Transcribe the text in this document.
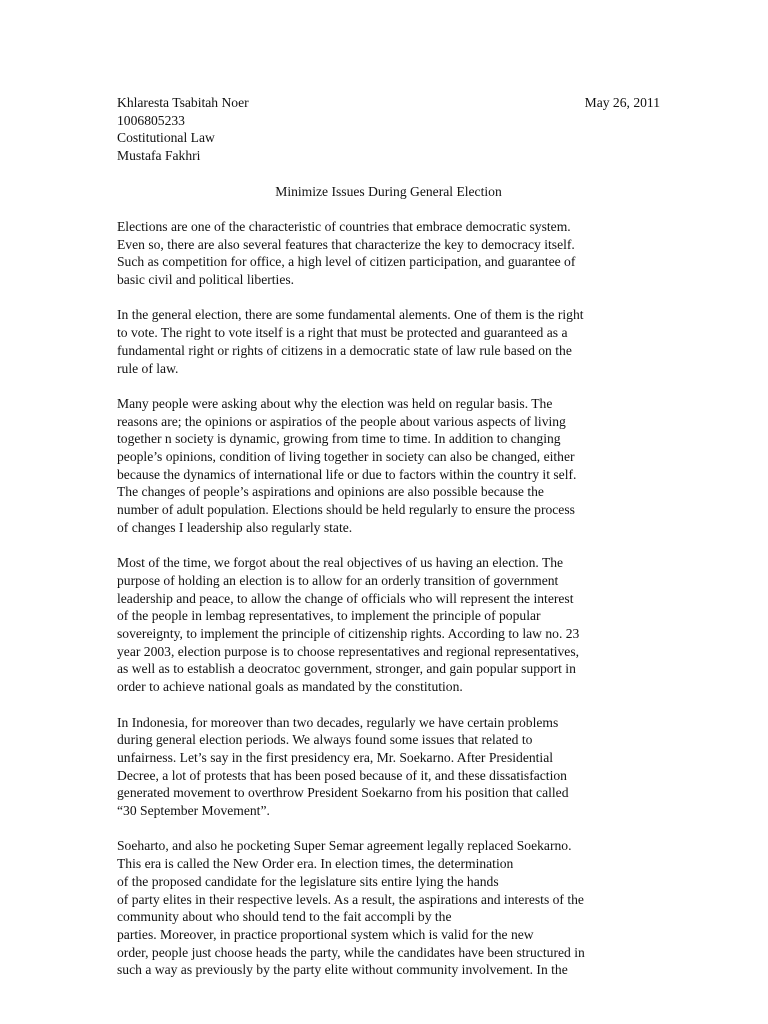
Khlaresta Tsabitah Noer
1006805233
Costitutional Law
Mustafa Fakhri
May 26, 2011
Minimize Issues During General Election
Elections are one of the characteristic of countries that embrace democratic system.
Even so, there are also several features that characterize the key to democracy itself.
Such as competition for office, a high level of citizen participation, and guarantee of
basic civil and political liberties.
In the general election, there are some fundamental alements. One of them is the right
to vote. The right to vote itself is a right that must be protected and guaranteed as a
fundamental right or rights of citizens in a democratic state of law rule based on the
rule of law.
Many people were asking about why the election was held on regular basis. The
reasons are; the opinions or aspiratios of the people about various aspects of living
together n society is dynamic, growing from time to time. In addition to changing
people’s opinions, condition of living together in society can also be changed, either
because the dynamics of international life or due to factors within the country it self.
The changes of people’s aspirations and opinions are also possible because the
number of adult population. Elections should be held regularly to ensure the process
of changes I leadership also regularly state.
Most of the time, we forgot about the real objectives of us having an election. The
purpose of holding an election is to allow for an orderly transition of government
leadership and peace, to allow the change of officials who will represent the interest
of the people in lembag representatives, to implement the principle of popular
sovereignty, to implement the principle of citizenship rights. According to law no. 23
year 2003, election purpose is to choose representatives and regional representatives,
as well as to establish a deocratoc government, stronger, and gain popular support in
order to achieve national goals as mandated by the constitution.
In Indonesia, for moreover than two decades, regularly we have certain problems
during general election periods. We always found some issues that related to
unfairness. Let’s say in the first presidency era, Mr. Soekarno. After Presidential
Decree, a lot of protests that has been posed because of it, and these dissatisfaction
generated movement to overthrow President Soekarno from his position that called
“30 September Movement”.
Soeharto, and also he pocketing Super Semar agreement legally replaced Soekarno.
This era is called the New Order era. In election times, the determination
of the proposed candidate for the legislature sits entire lying the hands
of party elites in their respective levels. As a result, the aspirations and interests of the
community about who should tend to the fait accompli by the
parties. Moreover, in practice proportional system which is valid for the new
order, people just choose heads the party, while the candidates have been structured in
such a way as previously by the party elite without community involvement. In the
